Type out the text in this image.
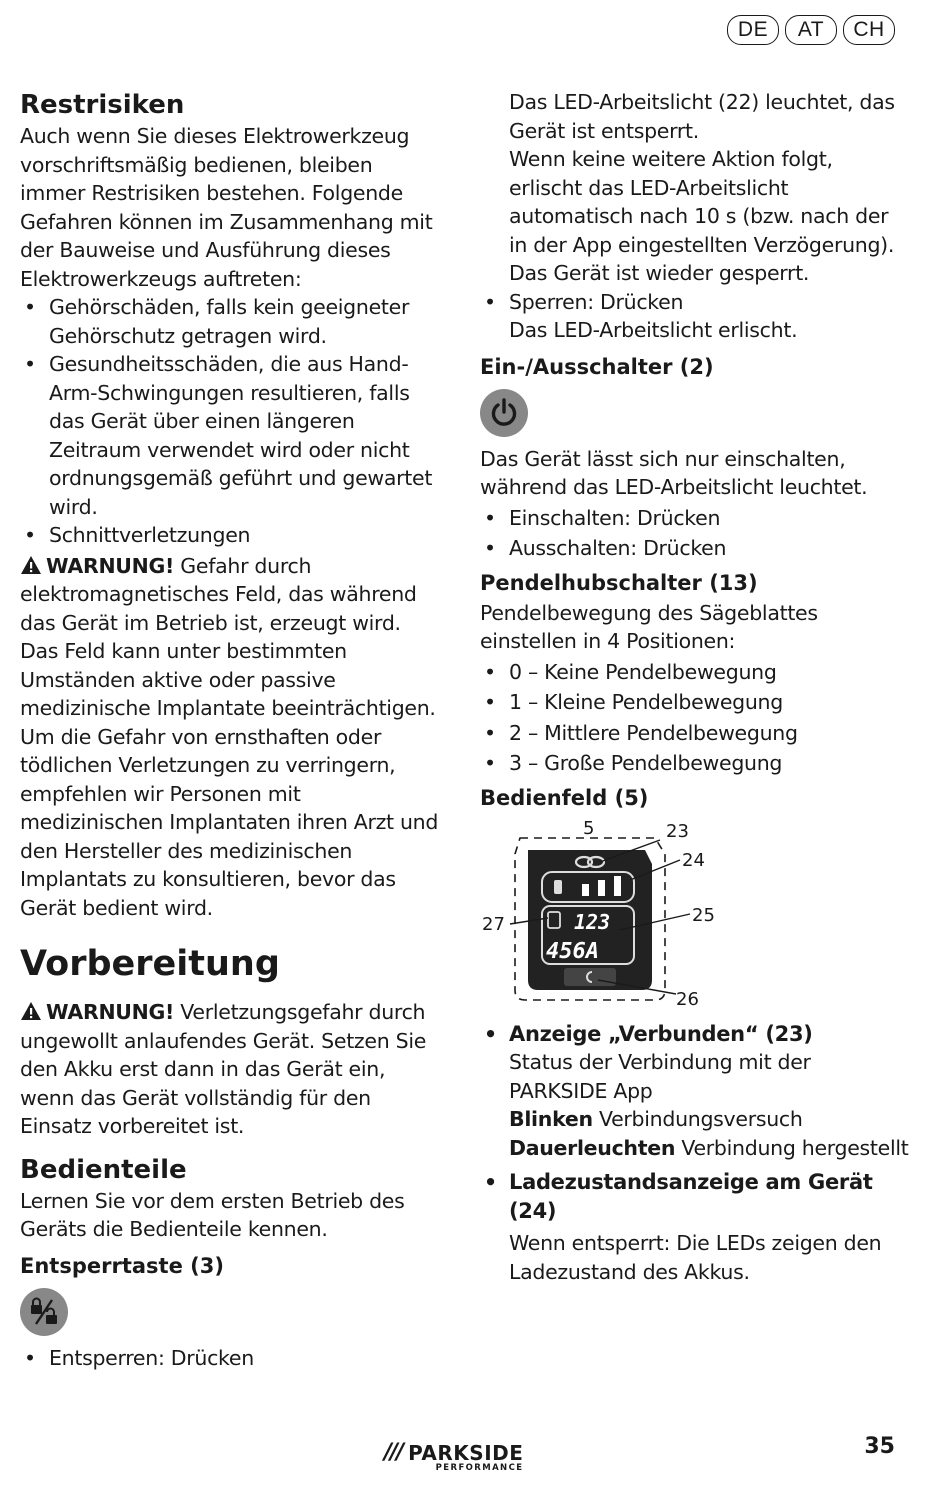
DE	AT	CH
Restrisiken

Auch wenn Sie dieses Elektrowerkzeug vorschriftsmäßig bedienen, bleiben immer Restrisiken bestehen. Folgende Gefahren können im Zusammenhang mit der Bauweise und Ausführung dieses Elektrowerkzeugs auftreten:

• Gehörschäden, falls kein geeigneter Gehörschutz getragen wird.
• Gesundheitsschäden, die aus Hand-Arm-Schwingungen resultieren, falls das Gerät über einen längeren Zeitraum verwendet wird oder nicht ordnungsgemäß geführt und gewartet wird.
• Schnittverletzungen

WARNUNG! Gefahr durch elektromagnetisches Feld, das während das Gerät im Betrieb ist, erzeugt wird. Das Feld kann unter bestimmten Umständen aktive oder passive medizinische Implantate beeinträchtigen. Um die Gefahr von ernsthaften oder tödlichen Verletzungen zu verringern, empfehlen wir Personen mit medizinischen Implantaten ihren Arzt und den Hersteller des medizinischen Implantats zu konsultieren, bevor das Gerät bedient wird.

Vorbereitung

WARNUNG! Verletzungsgefahr durch ungewollt anlaufendes Gerät. Setzen Sie den Akku erst dann in das Gerät ein, wenn das Gerät vollständig für den Einsatz vorbereitet ist.

Bedienteile

Lernen Sie vor dem ersten Betrieb des Geräts die Bedienteile kennen.

Entsperrtaste (3)
• Entsperren: Drücken

Das LED-Arbeitslicht (22) leuchtet, das Gerät ist entsperrt.

Wenn keine weitere Aktion folgt, erlischt das LED-Arbeitslicht automatisch nach 10 s (bzw. nach der in der App eingestellten Verzögerung). Das Gerät ist wieder gesperrt.

• Sperren: Drücken

Das LED-Arbeitslicht erlischt.

Ein-/Ausschalter (2)

Das Gerät lässt sich nur einschalten, während das LED-Arbeitslicht leuchtet.

• Einschalten: Drücken
• Ausschalten: Drücken
Pendelhubschalter (13)

Pendelbewegung des Sägeblattes einstellen in 4 Positionen:

• 0 – Keine Pendelbewegung
• 1 – Kleine Pendelbewegung
• 2 – Mittlere Pendelbewegung
• 3 – Große Pendelbewegung
Bedienfeld (5)
123
456A
5	23
24
25
27
26
• Anzeige „Verbunden“ (23)
Status der Verbindung mit der PARKSIDE App
Blinken Verbindungsversuch
Dauerleuchten Verbindung hergestellt
• Ladezustandsanzeige am Gerät (24)
Wenn entsperrt: Die LEDs zeigen den Ladezustand des Akkus.
/// PARKSIDE
PERFORMANCE
35
